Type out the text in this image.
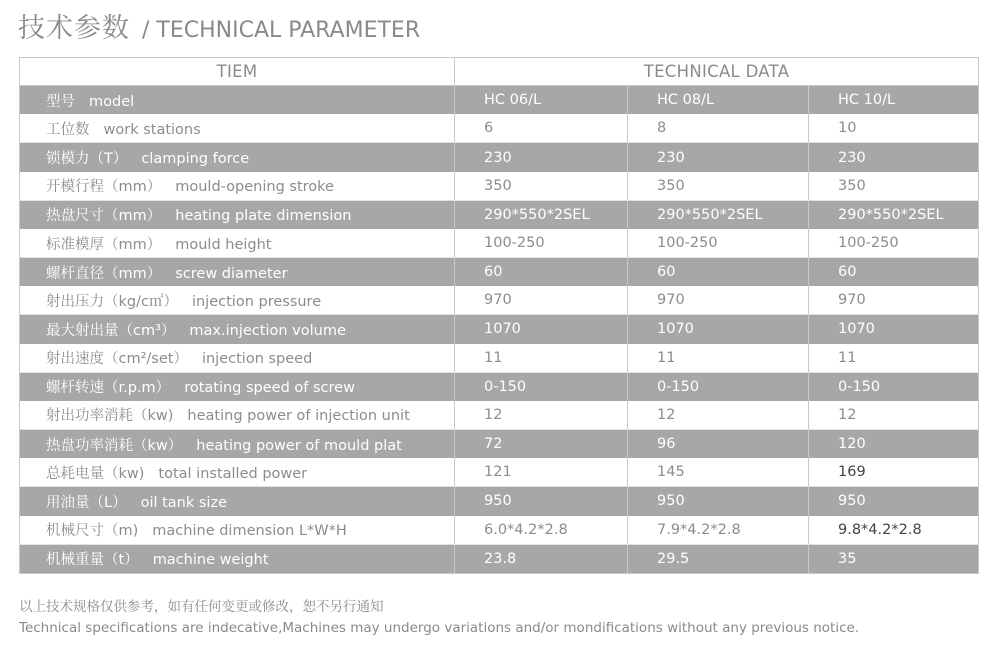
技术参数 / TECHNICAL PARAMETER
TIEM	TECHNICAL DATA		
型号 model	HC 06/L	HC 08/L	HC 10/L
工位数 work stations	6	8	10
锁模力（T） clamping force	230	230	230
开模行程（mm） mould-opening stroke	350	350	350
热盘尺寸（mm） heating plate dimension	290*550*2SEL	290*550*2SEL	290*550*2SEL
标准模厚（mm） mould height	100-250	100-250	100-250
螺杆直径（mm） screw diameter	60	60	60
射出压力（kg/c㎡） injection pressure	970	970	970
最大射出量（cm³） max.injection volume	1070	1070	1070
射出速度（cm²/set） injection speed	11	11	11
螺杆转速（r.p.m） rotating speed of screw	0-150	0-150	0-150
射出功率消耗（kw) heating power of injection unit	12	12	12
热盘功率消耗（kw） heating power of mould plat	72	96	120
总耗电量（kw) total installed power	121	145	169
用油量（L） oil tank size	950	950	950
机械尺寸（m) machine dimension L*W*H	6.0*4.2*2.8	7.9*4.2*2.8	9.8*4.2*2.8
机械重量（t） machine weight	23.8	29.5	35
以上技术规格仅供参考，如有任何变更或修改，恕不另行通知
Technical specifications are indecative,Machines may undergo variations and/or mondifications without any previous notice.
